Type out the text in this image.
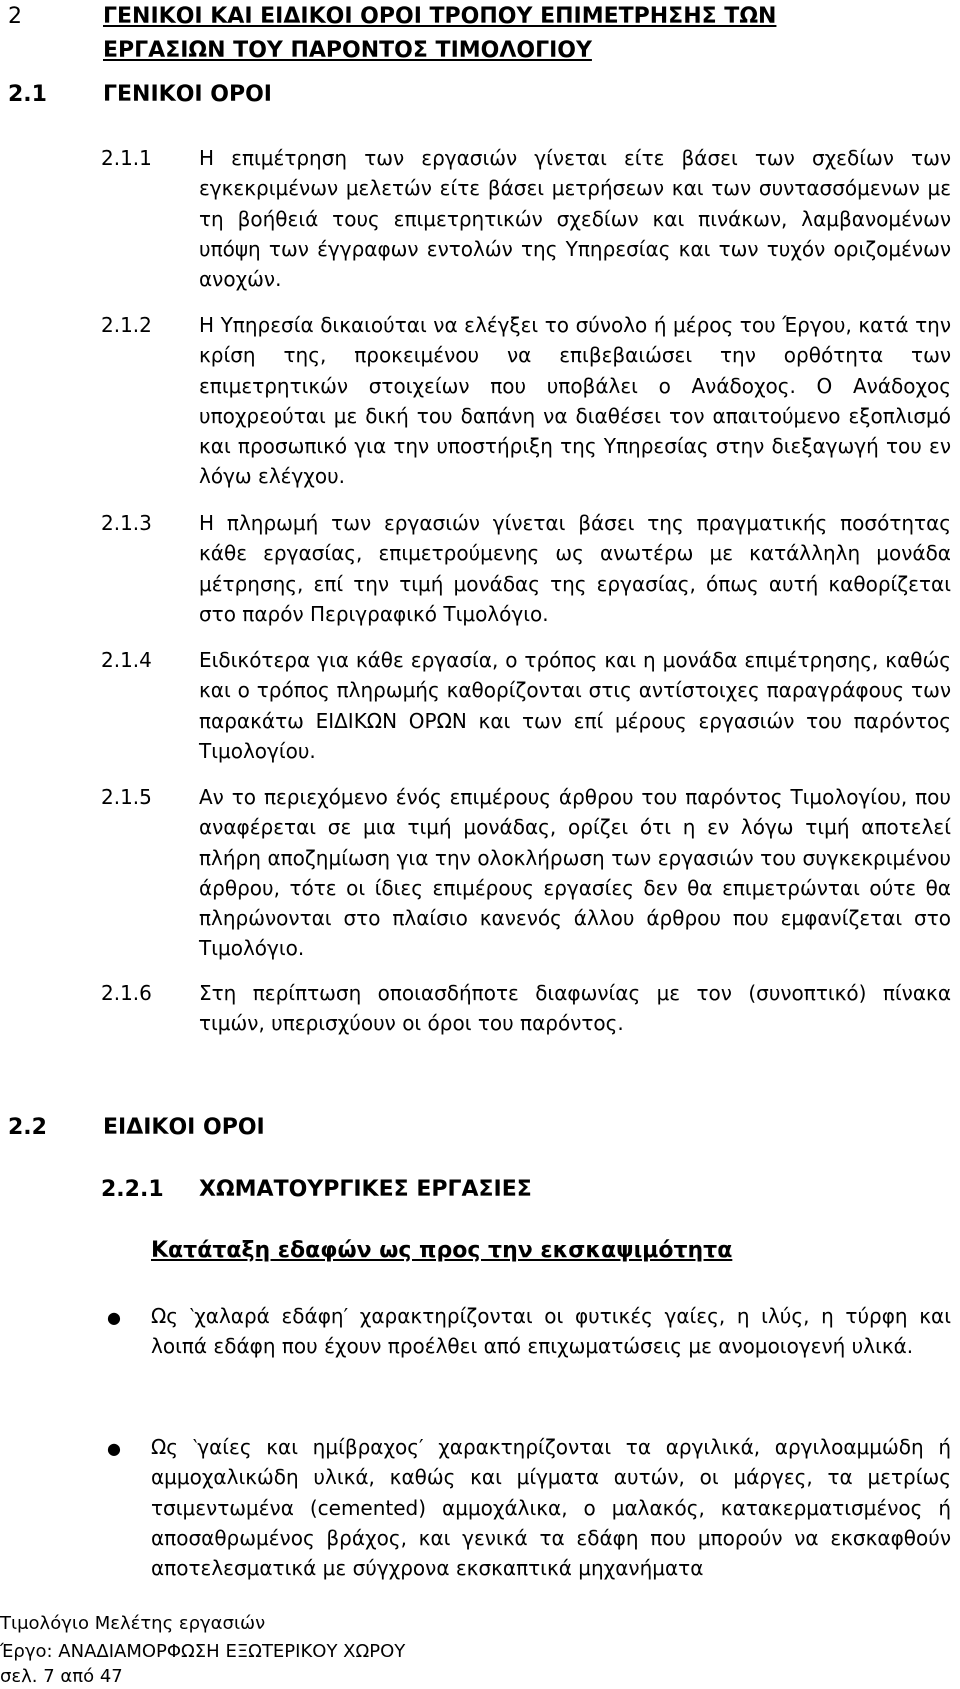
2	ΓΕΝΙΚΟΙ ΚΑΙ ΕΙΔΙΚΟΙ ΟΡΟΙ ΤΡΟΠΟΥ ΕΠΙΜΕΤΡΗΣΗΣ ΤΩΝ ΕΡΓΑΣΙΩΝ ΤΟΥ ΠΑΡΟΝΤΟΣ ΤΙΜΟΛΟΓΙΟΥ
2.1	ΓΕΝΙΚΟΙ ΟΡΟΙ
2.1.1 Η επιμέτρηση των εργασιών γίνεται είτε βάσει των σχεδίων των εγκεκριμένων μελετών είτε βάσει μετρήσεων και των συντασσόμενων με τη βοήθειά τους επιμετρητικών σχεδίων και πινάκων, λαμβανομένων υπόψη των έγγραφων εντολών της Υπηρεσίας και των τυχόν οριζομένων ανοχών.
2.1.2 Η Υπηρεσία δικαιούται να ελέγξει το σύνολο ή μέρος του Έργου, κατά την κρίση της, προκειμένου να επιβεβαιώσει την ορθότητα των επιμετρητικών στοιχείων που υποβάλει ο Ανάδοχος. Ο Ανάδοχος υποχρεούται με δική του δαπάνη να διαθέσει τον απαιτούμενο εξοπλισμό και προσωπικό για την υποστήριξη της Υπηρεσίας στην διεξαγωγή του εν λόγω ελέγχου.
2.1.3 Η πληρωμή των εργασιών γίνεται βάσει της πραγματικής ποσότητας κάθε εργασίας, επιμετρούμενης ως ανωτέρω με κατάλληλη μονάδα μέτρησης, επί την τιμή μονάδας της εργασίας, όπως αυτή καθορίζεται στο παρόν Περιγραφικό Τιμολόγιο.
2.1.4 Ειδικότερα για κάθε εργασία, ο τρόπος και η μονάδα επιμέτρησης, καθώς και ο τρόπος πληρωμής καθορίζονται στις αντίστοιχες παραγράφους των παρακάτω ΕΙΔΙΚΩΝ ΟΡΩΝ και των επί μέρους εργασιών του παρόντος Τιμολογίου.
2.1.5 Αν το περιεχόμενο ένός επιμέρους άρθρου του παρόντος Τιμολογίου, που αναφέρεται σε μια τιμή μονάδας, ορίζει ότι η εν λόγω τιμή αποτελεί πλήρη αποζημίωση για την ολοκλήρωση των εργασιών του συγκεκριμένου άρθρου, τότε οι ίδιες επιμέρους εργασίες δεν θα επιμετρώνται ούτε θα πληρώνονται στο πλαίσιο κανενός άλλου άρθρου που εμφανίζεται στο Τιμολόγιο.
2.1.6 Στη περίπτωση οποιασδήποτε διαφωνίας με τον (συνοπτικό) πίνακα τιμών, υπερισχύουν οι όροι του παρόντος.
2.2	ΕΙΔΙΚΟΙ ΟΡΟΙ
2.2.1 ΧΩΜΑΤΟΥΡΓΙΚΕΣ ΕΡΓΑΣΙΕΣ
Κατάταξη εδαφών ως προς την εκσκαψιμότητα
● Ως ‵χαλαρά εδάφη′ χαρακτηρίζονται οι φυτικές γαίες, η ιλύς, η τύρφη και λοιπά εδάφη που έχουν προέλθει από επιχωματώσεις με ανομοιογενή υλικά.
● Ως ‵γαίες και ημίβραχος′ χαρακτηρίζονται τα αργιλικά, αργιλοαμμώδη ή αμμοχαλικώδη υλικά, καθώς και μίγματα αυτών, οι μάργες, τα μετρίως τσιμεντωμένα (cemented) αμμοχάλικα, ο μαλακός, κατακερματισμένος ή αποσαθρωμένος βράχος, και γενικά τα εδάφη που μπορούν να εκσκαφθούν αποτελεσματικά με σύγχρονα εκσκαπτικά μηχανήματα
Τιμολόγιο Μελέτης εργασιών
Έργο: ΑΝΑΔΙΑΜΟΡΦΩΣΗ ΕΞΩΤΕΡΙΚΟΥ ΧΩΡΟΥ
σελ. 7 από 47
